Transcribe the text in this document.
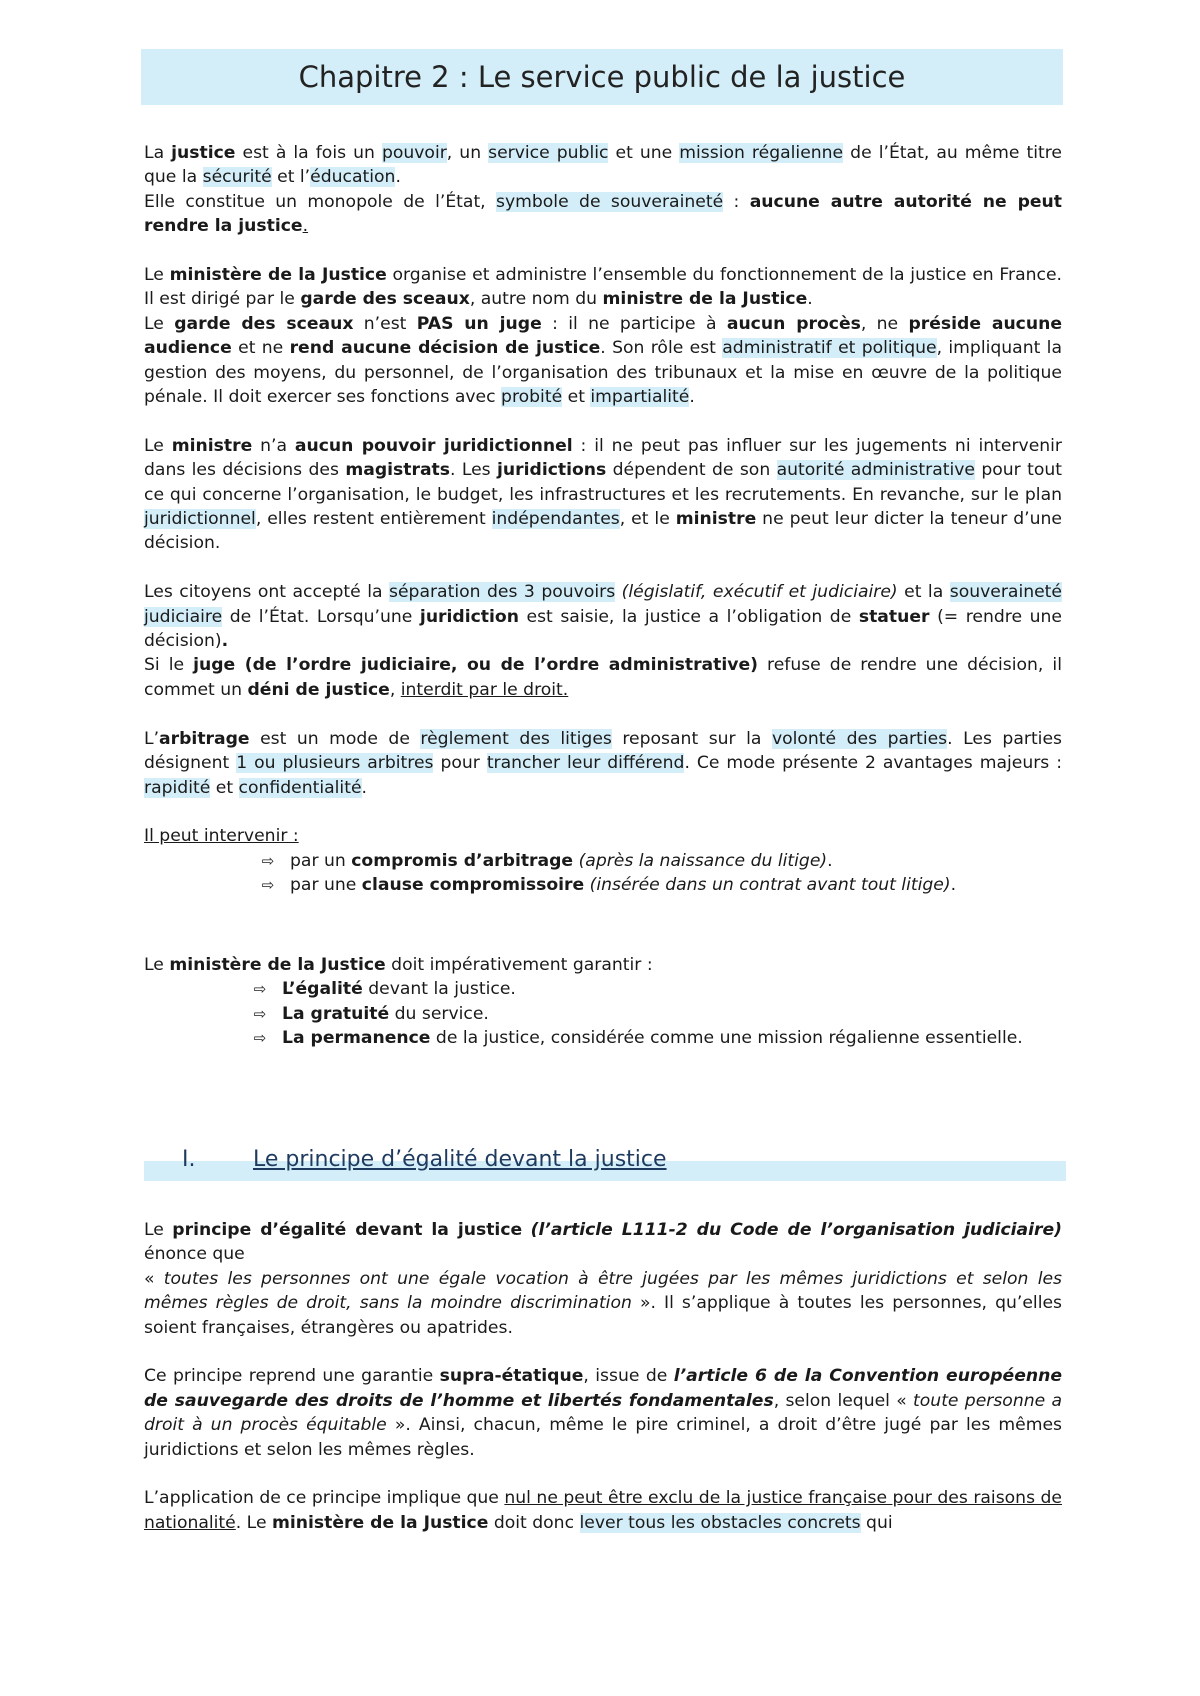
Chapitre 2 : Le service public de la justice

La justice est à la fois un pouvoir, un service public et une mission régalienne de l’État, au même titre que la sécurité et l’éducation.

Elle constitue un monopole de l’État, symbole de souveraineté : aucune autre autorité ne peut rendre la justice.

Le ministère de la Justice organise et administre l’ensemble du fonctionnement de la justice en France. Il est dirigé par le garde des sceaux, autre nom du ministre de la Justice.

Le garde des sceaux n’est PAS un juge : il ne participe à aucun procès, ne préside aucune audience et ne rend aucune décision de justice. Son rôle est administratif et politique, impliquant la gestion des moyens, du personnel, de l’organisation des tribunaux et la mise en œuvre de la politique pénale. Il doit exercer ses fonctions avec probité et impartialité.

Le ministre n’a aucun pouvoir juridictionnel : il ne peut pas influer sur les jugements ni intervenir dans les décisions des magistrats. Les juridictions dépendent de son autorité administrative pour tout ce qui concerne l’organisation, le budget, les infrastructures et les recrutements. En revanche, sur le plan juridictionnel, elles restent entièrement indépendantes, et le ministre ne peut leur dicter la teneur d’une décision.

Les citoyens ont accepté la séparation des 3 pouvoirs (législatif, exécutif et judiciaire) et la souveraineté judiciaire de l’État. Lorsqu’une juridiction est saisie, la justice a l’obligation de statuer (= rendre une décision).

Si le juge (de l’ordre judiciaire, ou de l’ordre administrative) refuse de rendre une décision, il commet un déni de justice, interdit par le droit.

L’arbitrage est un mode de règlement des litiges reposant sur la volonté des parties. Les parties désignent 1 ou plusieurs arbitres pour trancher leur différend. Ce mode présente 2 avantages majeurs : rapidité et confidentialité.

Il peut intervenir :

⇨ par un compromis d’arbitrage (après la naissance du litige).
⇨ par une clause compromissoire (insérée dans un contrat avant tout litige).

Le ministère de la Justice doit impérativement garantir :

⇨ L’égalité devant la justice.
⇨ La gratuité du service.
⇨ La permanence de la justice, considérée comme une mission régalienne essentielle.
I.	Le principe d’égalité devant la justice

Le principe d’égalité devant la justice (l’article L111-2 du Code de l’organisation judiciaire) énonce que

« toutes les personnes ont une égale vocation à être jugées par les mêmes juridictions et selon les mêmes règles de droit, sans la moindre discrimination ». Il s’applique à toutes les personnes, qu’elles soient françaises, étrangères ou apatrides.

Ce principe reprend une garantie supra-étatique, issue de l’article 6 de la Convention européenne de sauvegarde des droits de l’homme et libertés fondamentales, selon lequel « toute personne a droit à un procès équitable ». Ainsi, chacun, même le pire criminel, a droit d’être jugé par les mêmes juridictions et selon les mêmes règles.

L’application de ce principe implique que nul ne peut être exclu de la justice française pour des raisons de nationalité. Le ministère de la Justice doit donc lever tous les obstacles concrets qui
